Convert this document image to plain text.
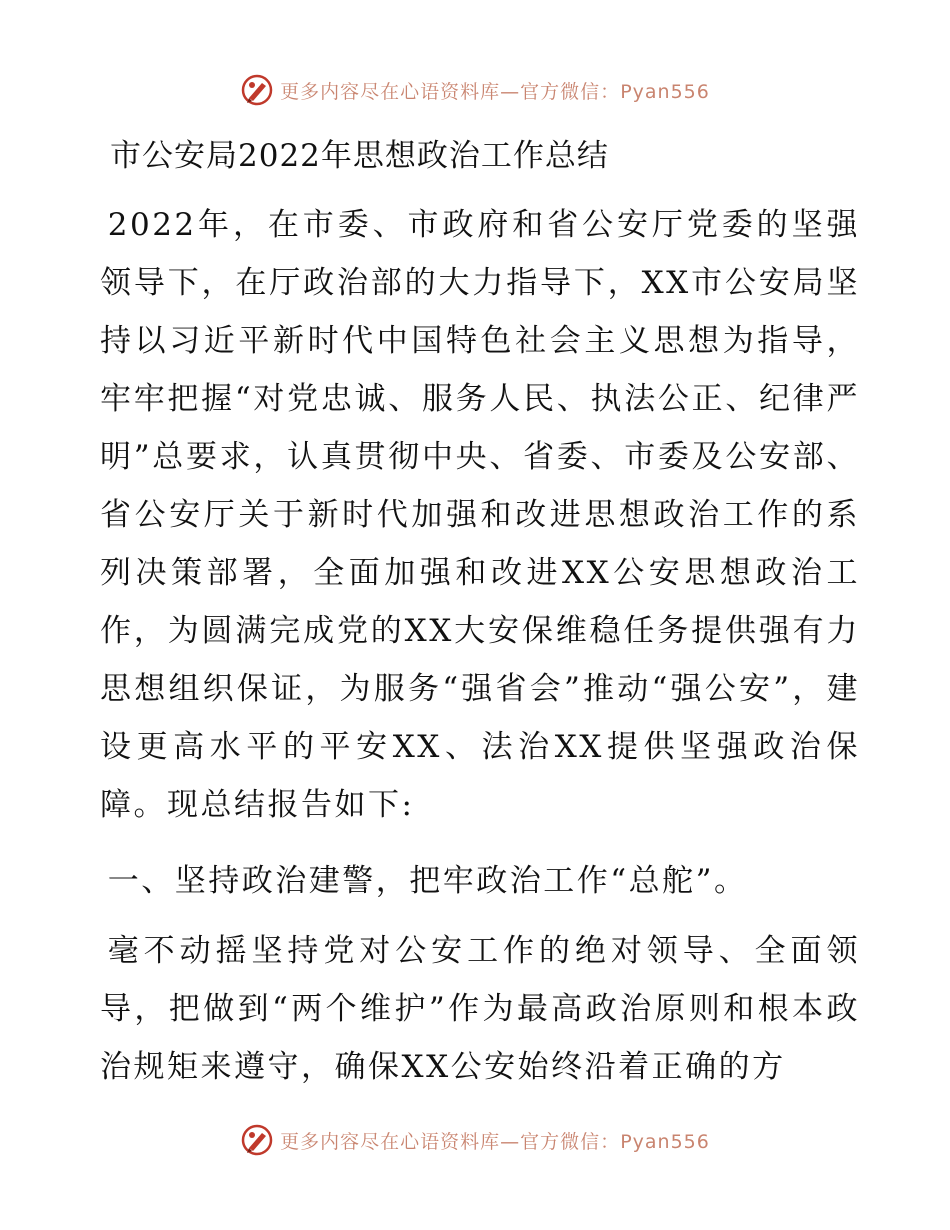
更多内容尽在心语资料库—官方微信：Pyan556
市公安局2022年思想政治工作总结

2022年，在市委、市政府和省公安厅党委的坚强领导下，在厅政治部的大力指导下，XX市公安局坚持以习近平新时代中国特色社会主义思想为指导，牢牢把握“对党忠诚、服务人民、执法公正、纪律严明”总要求，认真贯彻中央、省委、市委及公安部、省公安厅关于新时代加强和改进思想政治工作的系列决策部署，全面加强和改进XX公安思想政治工作，为圆满完成党的XX大安保维稳任务提供强有力思想组织保证，为服务“强省会”推动“强公安”，建设更高水平的平安XX、法治XX提供坚强政治保障。现总结报告如下:

一、坚持政治建警，把牢政治工作“总舵”。

毫不动摇坚持党对公安工作的绝对领导、全面领导，把做到“两个维护”作为最高政治原则和根本政治规矩来遵守，确保XX公安始终沿着正确的方

更多内容尽在心语资料库—官方微信：Pyan556
